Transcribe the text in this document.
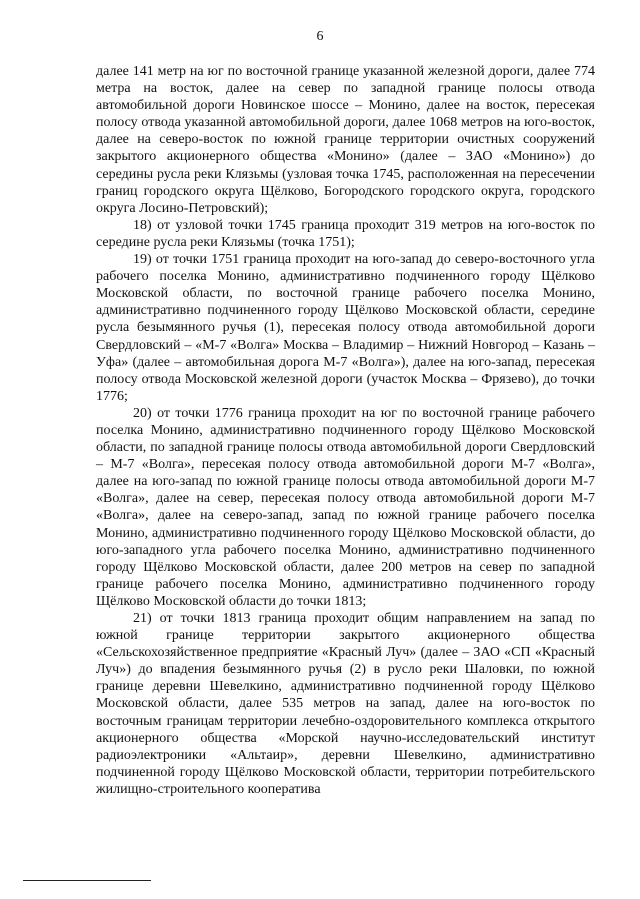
6

далее 141 метр на юг по восточной границе указанной железной дороги, далее 774 метра на восток, далее на север по западной границе полосы отвода автомобильной дороги Новинское шоссе – Монино, далее на восток, пересекая полосу отвода указанной автомобильной дороги, далее 1068 метров на юго-восток, далее на северо-восток по южной границе территории очистных сооружений закрытого акционерного общества «Монино» (далее – ЗАО «Монино») до середины русла реки Клязьмы (узловая точка 1745, расположенная на пересечении границ городского округа Щёлково, Богородского городского округа, городского округа Лосино-Петровский);

18) от узловой точки 1745 граница проходит 319 метров на юго-восток по середине русла реки Клязьмы (точка 1751);

19) от точки 1751 граница проходит на юго-запад до северо-восточного угла рабочего поселка Монино, административно подчиненного городу Щёлково Московской области, по восточной границе рабочего поселка Монино, административно подчиненного городу Щёлково Московской области, середине русла безымянного ручья (1), пересекая полосу отвода автомобильной дороги Свердловский – «М-7 «Волга» Москва – Владимир – Нижний Новгород – Казань – Уфа» (далее – автомобильная дорога М-7 «Волга»), далее на юго-запад, пересекая полосу отвода Московской железной дороги (участок Москва – Фрязево), до точки 1776;

20) от точки 1776 граница проходит на юг по восточной границе рабочего поселка Монино, административно подчиненного городу Щёлково Московской области, по западной границе полосы отвода автомобильной дороги Свердловский – М-7 «Волга», пересекая полосу отвода автомобильной дороги М-7 «Волга», далее на юго-запад по южной границе полосы отвода автомобильной дороги М-7 «Волга», далее на север, пересекая полосу отвода автомобильной дороги М-7 «Волга», далее на северо-запад, запад по южной границе рабочего поселка Монино, административно подчиненного городу Щёлково Московской области, до юго-западного угла рабочего поселка Монино, административно подчиненного городу Щёлково Московской области, далее 200 метров на север по западной границе рабочего поселка Монино, административно подчиненного городу Щёлково Московской области до точки 1813;

21) от точки 1813 граница проходит общим направлением на запад по южной границе территории закрытого акционерного общества «Сельскохозяйственное предприятие «Красный Луч» (далее – ЗАО «СП «Красный Луч») до впадения безымянного ручья (2) в русло реки Шаловки, по южной границе деревни Шевелкино, административно подчиненной городу Щёлково Московской области, далее 535 метров на запад, далее на юго-восток по восточным границам территории лечебно-оздоровительного комплекса открытого акционерного общества «Морской научно-исследовательский институт радиоэлектроники «Альтаир», деревни Шевелкино, административно подчиненной городу Щёлково Московской области, территории потребительского жилищно-строительного кооператива
